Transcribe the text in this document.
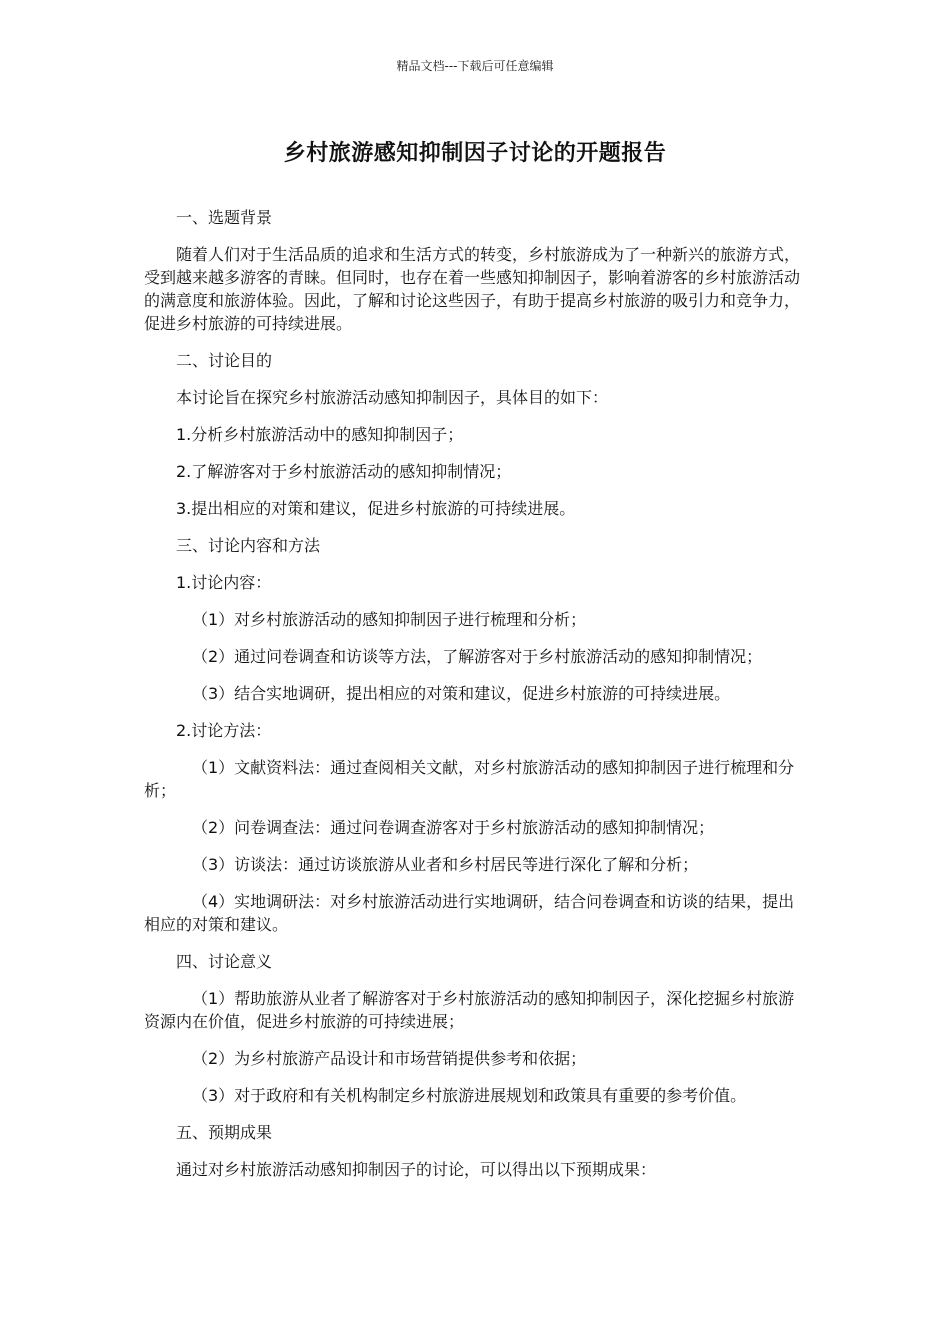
精品文档---下载后可任意编辑
乡村旅游感知抑制因子讨论的开题报告

一、选题背景

随着人们对于生活品质的追求和生活方式的转变，乡村旅游成为了一种新兴的旅游方式，受到越来越多游客的青睐。但同时，也存在着一些感知抑制因子，影响着游客的乡村旅游活动的满意度和旅游体验。因此，了解和讨论这些因子，有助于提高乡村旅游的吸引力和竞争力，促进乡村旅游的可持续进展。

二、讨论目的

本讨论旨在探究乡村旅游活动感知抑制因子，具体目的如下：

1.分析乡村旅游活动中的感知抑制因子；

2.了解游客对于乡村旅游活动的感知抑制情况；

3.提出相应的对策和建议，促进乡村旅游的可持续进展。

三、讨论内容和方法

1.讨论内容：

（1）对乡村旅游活动的感知抑制因子进行梳理和分析；

（2）通过问卷调查和访谈等方法，了解游客对于乡村旅游活动的感知抑制情况；

（3）结合实地调研，提出相应的对策和建议，促进乡村旅游的可持续进展。

2.讨论方法：

（1）文献资料法：通过查阅相关文献，对乡村旅游活动的感知抑制因子进行梳理和分析；

（2）问卷调查法：通过问卷调查游客对于乡村旅游活动的感知抑制情况；

（3）访谈法：通过访谈旅游从业者和乡村居民等进行深化了解和分析；

（4）实地调研法：对乡村旅游活动进行实地调研，结合问卷调查和访谈的结果，提出相应的对策和建议。

四、讨论意义

（1）帮助旅游从业者了解游客对于乡村旅游活动的感知抑制因子，深化挖掘乡村旅游资源内在价值，促进乡村旅游的可持续进展；

（2）为乡村旅游产品设计和市场营销提供参考和依据；

（3）对于政府和有关机构制定乡村旅游进展规划和政策具有重要的参考价值。

五、预期成果

通过对乡村旅游活动感知抑制因子的讨论，可以得出以下预期成果：
